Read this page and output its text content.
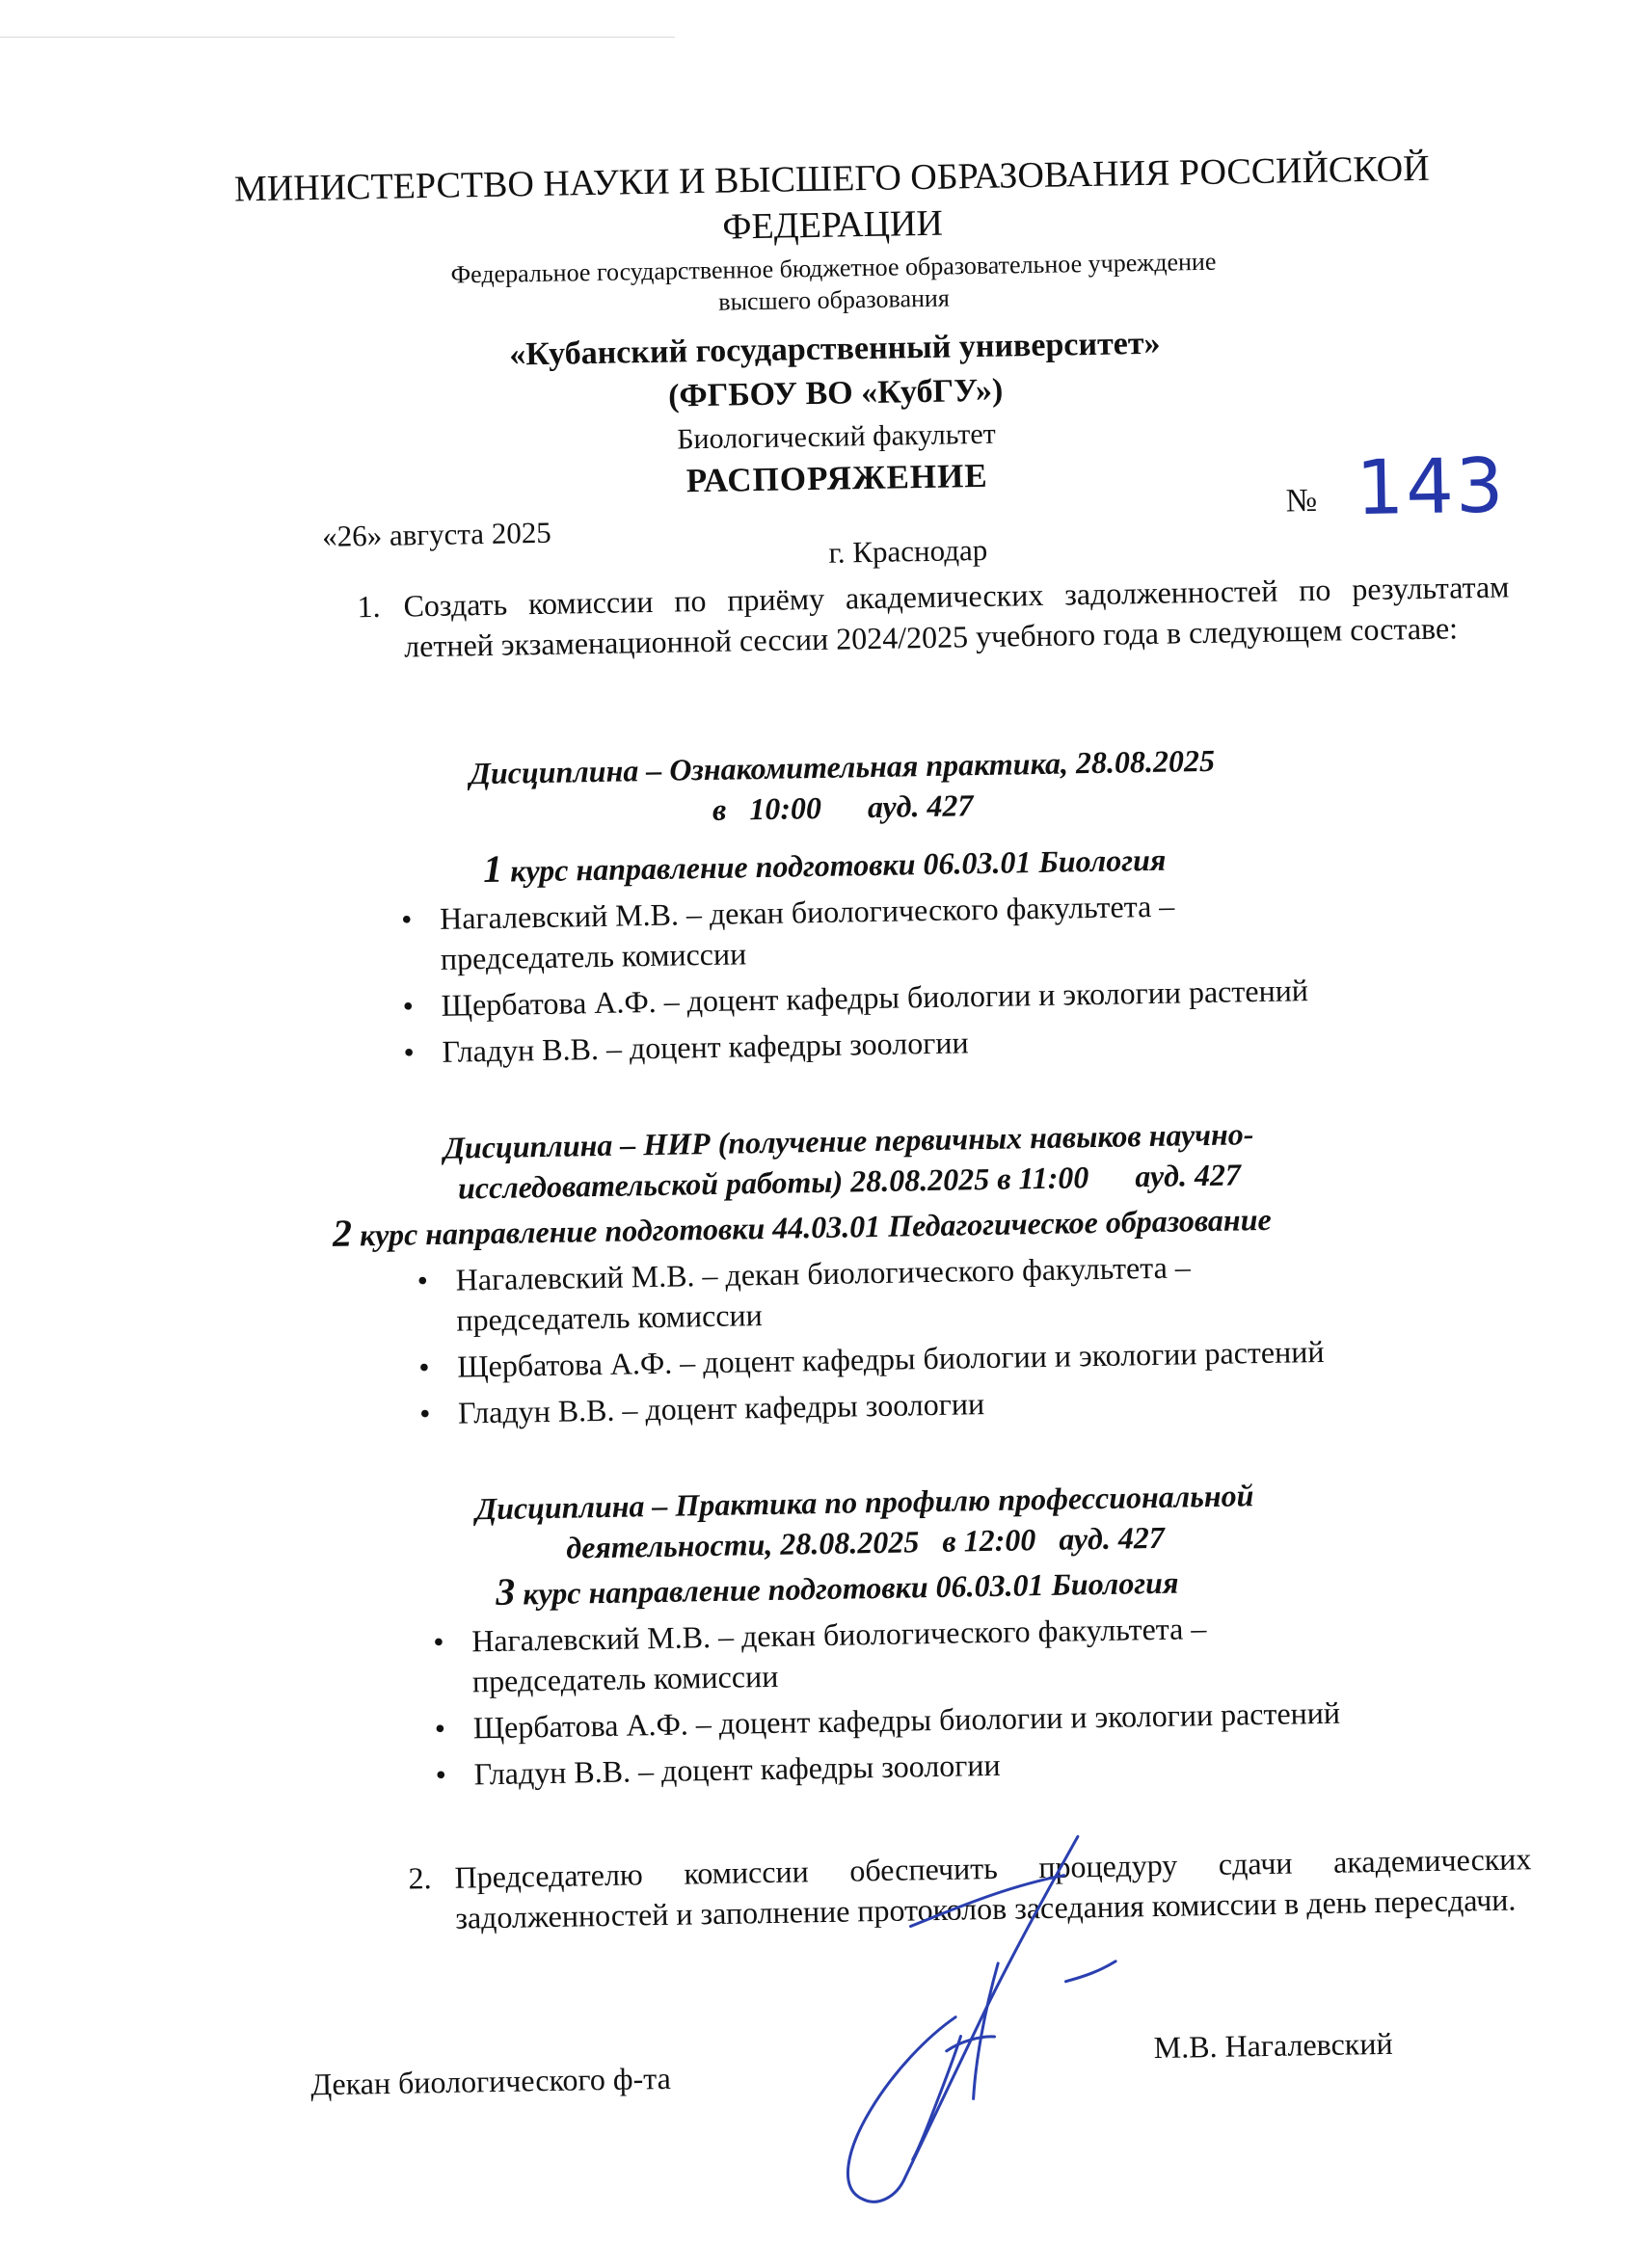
МИНИСТЕРСТВО НАУКИ И ВЫСШЕГО ОБРАЗОВАНИЯ РОССИЙСКОЙ ФЕДЕРАЦИИ
Федеральное государственное бюджетное образовательное учреждение
высшего образования
«Кубанский государственный университет»
(ФГБОУ ВО «КубГУ»)
Биологический факультет
РАСПОРЯЖЕНИЕ
«26» августа 2025
№ 143
г. Краснодар
1. Создать комиссии по приёму академических задолженностей по результатам летней экзаменационной сессии 2024/2025 учебного года в следующем составе:
Дисциплина – Ознакомительная практика, 28.08.2025
в   10:00      ауд. 427
1 курс направление подготовки 06.03.01 Биология
• Нагалевский М.В. – декан биологического факультета – председатель комиссии
• Щербатова А.Ф. – доцент кафедры биологии и экологии растений
• Гладун В.В. – доцент кафедры зоологии
Дисциплина – НИР (получение первичных навыков научно-
исследовательской работы) 28.08.2025 в 11:00      ауд. 427
2 курс направление подготовки 44.03.01 Педагогическое образование
• Нагалевский М.В. – декан биологического факультета – председатель комиссии
• Щербатова А.Ф. – доцент кафедры биологии и экологии растений
• Гладун В.В. – доцент кафедры зоологии
Дисциплина – Практика по профилю профессиональной
деятельности, 28.08.2025   в 12:00   ауд. 427
3 курс направление подготовки 06.03.01 Биология
• Нагалевский М.В. – декан биологического факультета – председатель комиссии
• Щербатова А.Ф. – доцент кафедры биологии и экологии растений
• Гладун В.В. – доцент кафедры зоологии
2. Председателю комиссии обеспечить процедуру сдачи академических задолженностей и заполнение протоколов заседания комиссии в день пересдачи.
Декан биологического ф-та
М.В. Нагалевский
